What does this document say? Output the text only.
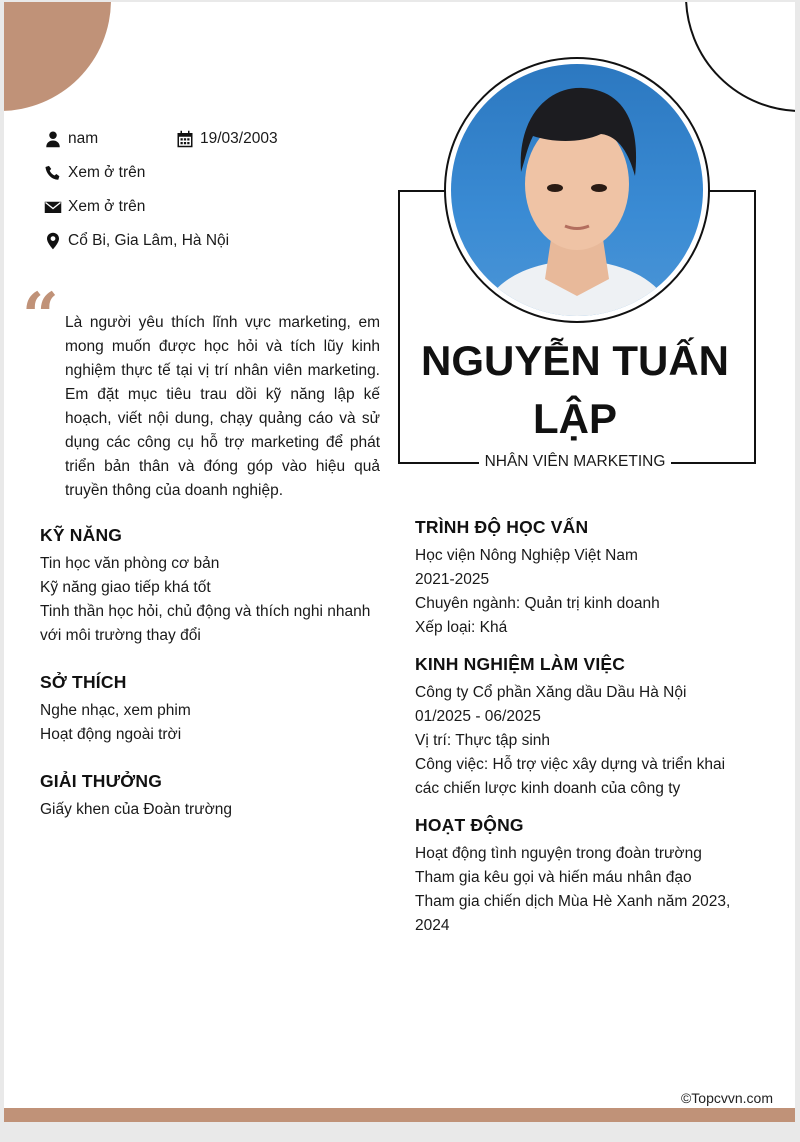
nam	19/03/2003
Xem ở trên
Xem ở trên
Cổ Bi, Gia Lâm, Hà Nội
“ Là người yêu thích lĩnh vực marketing, em mong muốn được học hỏi và tích lũy kinh nghiệm thực tế tại vị trí nhân viên marketing. Em đặt mục tiêu trau dồi kỹ năng lập kế hoạch, viết nội dung, chạy quảng cáo và sử dụng các công cụ hỗ trợ marketing để phát triển bản thân và đóng góp vào hiệu quả truyền thông của doanh nghiệp.

NGUYỄN TUẤN
LẬP
NHÂN VIÊN MARKETING
KỸ NĂNG
Tin học văn phòng cơ bản
Kỹ năng giao tiếp khá tốt
Tinh thần học hỏi, chủ động và thích nghi nhanh
với môi trường thay đổi
SỞ THÍCH
Nghe nhạc, xem phim
Hoạt động ngoài trời
GIẢI THƯỞNG
Giấy khen của Đoàn trường
TRÌNH ĐỘ HỌC VẤN
Học viện Nông Nghiệp Việt Nam
2021-2025
Chuyên ngành: Quản trị kinh doanh
Xếp loại: Khá
KINH NGHIỆM LÀM VIỆC
Công ty Cổ phần Xăng dầu Dầu Hà Nội
01/2025 - 06/2025
Vị trí: Thực tập sinh
Công việc: Hỗ trợ việc xây dựng và triển khai
các chiến lược kinh doanh của công ty
HOẠT ĐỘNG
Hoạt động tình nguyện trong đoàn trường
Tham gia kêu gọi và hiến máu nhân đạo
Tham gia chiến dịch Mùa Hè Xanh năm 2023,
2024
©Topcvvn.com
